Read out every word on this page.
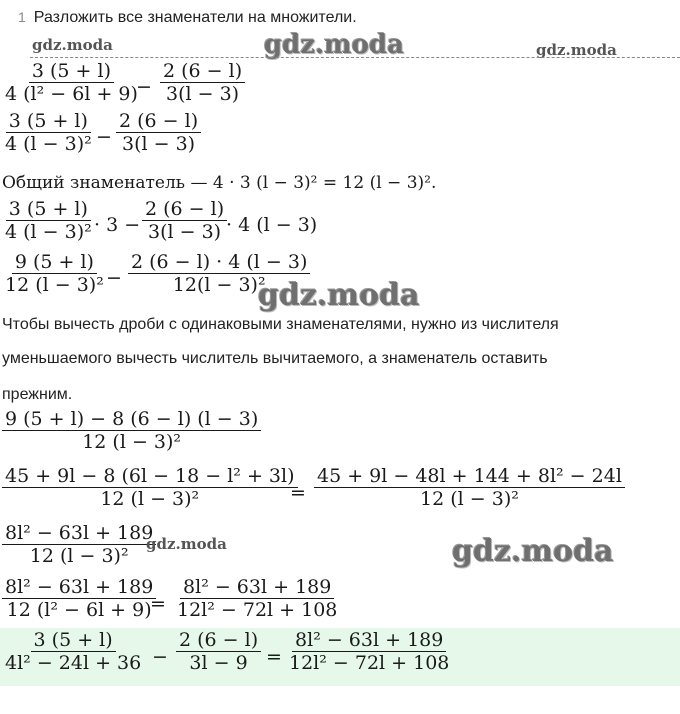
1 Разложить все знаменатели на множители.
gdz.moda	gdz.moda	gdz.moda
$\frac{3 (5 + l)}{\text{4 (l² − 6l + 9)}}$
− $\frac{2 (6 - l)}{3(l - 3)}$
$\frac{3 (5 + l)}{\text{4 (l − 3)²}} - \frac{2 (6 - l)}{3(l - 3)}$
Общий знаменатель — 4 · 3 (l − 3)² = 12 (l − 3)².
$\frac{3 (5 + l)}{\text{4 (l − 3)²}} \cdot 3 - \frac{2 (6 - l)}{3(l - 3)}$
· 4 (l − 3)
$\frac{9 (5 + l)}{\text{12 (l − 3)²}} - \frac{2 (6 - l) \cdot 4 (l - 3)}{\text{12(l − 3)²}}$
gdz.moda
Чтобы вычесть дроби с одинаковыми знаменателями, нужно из числителя
уменьшаемого вычесть числитель вычитаемого, а знаменатель оставить
прежним.
$\frac{9 (5 + l) - 8 (6 - l) (l - 3)}{\text{12 (l − 3)²}}$
$\frac{\text{45 + 9l − 8 (6l − 18 − l² + 3l)}}{\text{12 (l − 3)²}}$
= $\frac{\text{45 + 9l − 48l + 144 + 8l² − 24l}}{\text{12 (l − 3)²}}$
$\frac{\text{8l² − 63l + 189}}{\text{12 (l − 3)²}}$
gdz.moda	gdz.moda
$\frac{\text{8l² − 63l + 189}}{\text{12 (l² − 6l + 9)}}$
= $\frac{\text{8l² − 63l + 189}}{\text{12l² − 72l + 108}}$
$\frac{3 (5 + l)}{\text{4l² − 24l + 36}} - \frac{2 (6 - l)}{3l - 9} = \frac{\text{8l² − 63l + 189}}{\text{12l² − 72l + 108}}$
